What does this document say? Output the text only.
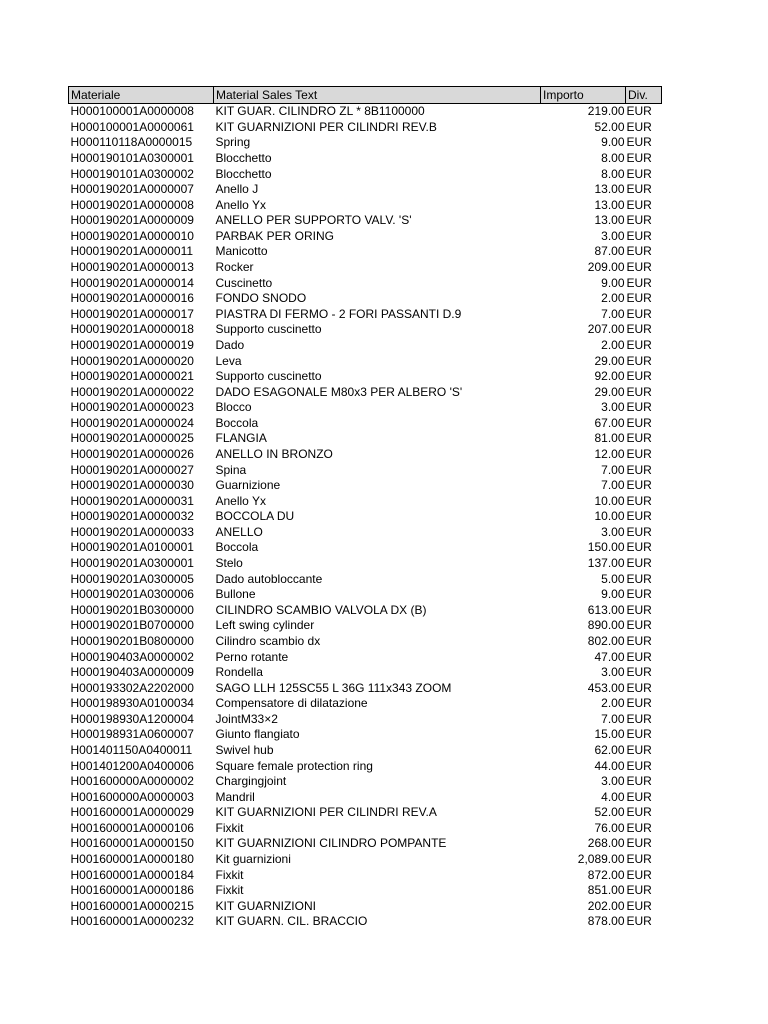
Materiale	Material Sales Text	Importo	Div.
H000100001A0000008	KIT GUAR. CILINDRO ZL * 8B1100000	219.00	EUR
H000100001A0000061	KIT GUARNIZIONI PER CILINDRI REV.B	52.00	EUR
H000110118A0000015	Spring	9.00	EUR
H000190101A0300001	Blocchetto	8.00	EUR
H000190101A0300002	Blocchetto	8.00	EUR
H000190201A0000007	Anello J	13.00	EUR
H000190201A0000008	Anello Yx	13.00	EUR
H000190201A0000009	ANELLO PER SUPPORTO VALV. 'S'	13.00	EUR
H000190201A0000010	PARBAK PER ORING	3.00	EUR
H000190201A0000011	Manicotto	87.00	EUR
H000190201A0000013	Rocker	209.00	EUR
H000190201A0000014	Cuscinetto	9.00	EUR
H000190201A0000016	FONDO SNODO	2.00	EUR
H000190201A0000017	PIASTRA DI FERMO - 2 FORI PASSANTI D.9	7.00	EUR
H000190201A0000018	Supporto cuscinetto	207.00	EUR
H000190201A0000019	Dado	2.00	EUR
H000190201A0000020	Leva	29.00	EUR
H000190201A0000021	Supporto cuscinetto	92.00	EUR
H000190201A0000022	DADO ESAGONALE M80x3 PER ALBERO 'S'	29.00	EUR
H000190201A0000023	Blocco	3.00	EUR
H000190201A0000024	Boccola	67.00	EUR
H000190201A0000025	FLANGIA	81.00	EUR
H000190201A0000026	ANELLO IN BRONZO	12.00	EUR
H000190201A0000027	Spina	7.00	EUR
H000190201A0000030	Guarnizione	7.00	EUR
H000190201A0000031	Anello Yx	10.00	EUR
H000190201A0000032	BOCCOLA DU	10.00	EUR
H000190201A0000033	ANELLO	3.00	EUR
H000190201A0100001	Boccola	150.00	EUR
H000190201A0300001	Stelo	137.00	EUR
H000190201A0300005	Dado autobloccante	5.00	EUR
H000190201A0300006	Bullone	9.00	EUR
H000190201B0300000	CILINDRO SCAMBIO VALVOLA DX (B)	613.00	EUR
H000190201B0700000	Left swing cylinder	890.00	EUR
H000190201B0800000	Cilindro scambio dx	802.00	EUR
H000190403A0000002	Perno rotante	47.00	EUR
H000190403A0000009	Rondella	3.00	EUR
H000193302A2202000	SAGO LLH 125SC55 L 36G 111x343 ZOOM	453.00	EUR
H000198930A0100034	Compensatore di dilatazione	2.00	EUR
H000198930A1200004	JointM33×2	7.00	EUR
H000198931A0600007	Giunto flangiato	15.00	EUR
H001401150A0400011	Swivel hub	62.00	EUR
H001401200A0400006	Square female protection ring	44.00	EUR
H001600000A0000002	Chargingjoint	3.00	EUR
H001600000A0000003	Mandril	4.00	EUR
H001600001A0000029	KIT GUARNIZIONI PER CILINDRI REV.A	52.00	EUR
H001600001A0000106	Fixkit	76.00	EUR
H001600001A0000150	KIT GUARNIZIONI CILINDRO POMPANTE	268.00	EUR
H001600001A0000180	Kit guarnizioni	2,089.00	EUR
H001600001A0000184	Fixkit	872.00	EUR
H001600001A0000186	Fixkit	851.00	EUR
H001600001A0000215	KIT GUARNIZIONI	202.00	EUR
H001600001A0000232	KIT GUARN. CIL. BRACCIO	878.00	EUR
